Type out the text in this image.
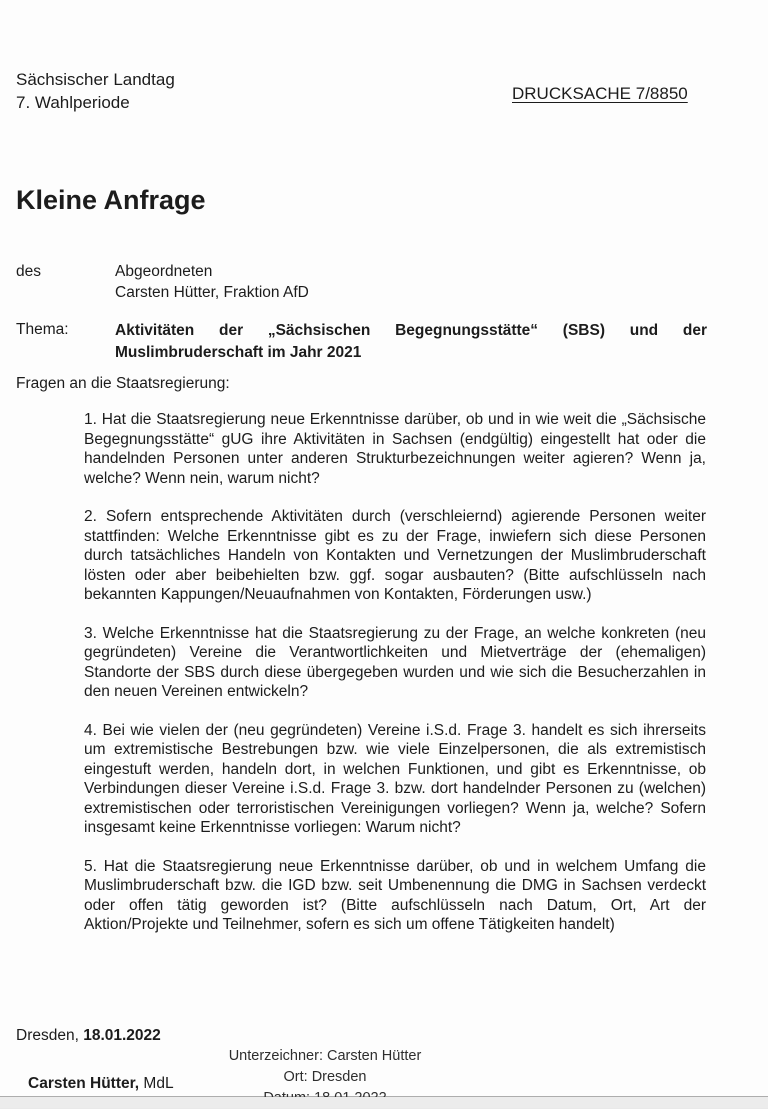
Sächsischer Landtag
7. Wahlperiode	DRUCKSACHE 7/8850
Kleine Anfrage
des	Abgeordneten
Carsten Hütter, Fraktion AfD
Thema:	Aktivitäten der „Sächsischen Begegnungsstätte“ (SBS) und der
Muslimbruderschaft im Jahr 2021
Fragen an die Staatsregierung:

1. Hat die Staatsregierung neue Erkenntnisse darüber, ob und in wie weit die „Sächsische Begegnungsstätte“ gUG ihre Aktivitäten in Sachsen (endgültig) eingestellt hat oder die handelnden Personen unter anderen Strukturbezeichnungen weiter agieren? Wenn ja, welche? Wenn nein, warum nicht?

2. Sofern entsprechende Aktivitäten durch (verschleiernd) agierende Personen weiter stattfinden: Welche Erkenntnisse gibt es zu der Frage, inwiefern sich diese Personen durch tatsächliches Handeln von Kontakten und Vernetzungen der Muslimbruderschaft lösten oder aber beibehielten bzw. ggf. sogar ausbauten? (Bitte aufschlüsseln nach bekannten Kappungen/Neuaufnahmen von Kontakten, Förderungen usw.)

3. Welche Erkenntnisse hat die Staatsregierung zu der Frage, an welche konkreten (neu gegründeten) Vereine die Verantwortlichkeiten und Mietverträge der (ehemaligen) Standorte der SBS durch diese übergegeben wurden und wie sich die Besucherzahlen in den neuen Vereinen entwickeln?

4. Bei wie vielen der (neu gegründeten) Vereine i.S.d. Frage 3. handelt es sich ihrerseits um extremistische Bestrebungen bzw. wie viele Einzelpersonen, die als extremistisch eingestuft werden, handeln dort, in welchen Funktionen, und gibt es Erkenntnisse, ob Verbindungen dieser Vereine i.S.d. Frage 3. bzw. dort handelnder Personen zu (welchen) extremistischen oder terroristischen Vereinigungen vorliegen? Wenn ja, welche? Sofern insgesamt keine Erkenntnisse vorliegen: Warum nicht?

5. Hat die Staatsregierung neue Erkenntnisse darüber, ob und in welchem Umfang die Muslimbruderschaft bzw. die IGD bzw. seit Umbenennung die DMG in Sachsen verdeckt oder offen tätig geworden ist? (Bitte aufschlüsseln nach Datum, Ort, Art der Aktion/Projekte und Teilnehmer, sofern es sich um offene Tätigkeiten handelt)

Dresden, 18.01.2022
Carsten Hütter, MdL
Unterzeichner: Carsten Hütter
Ort: Dresden
